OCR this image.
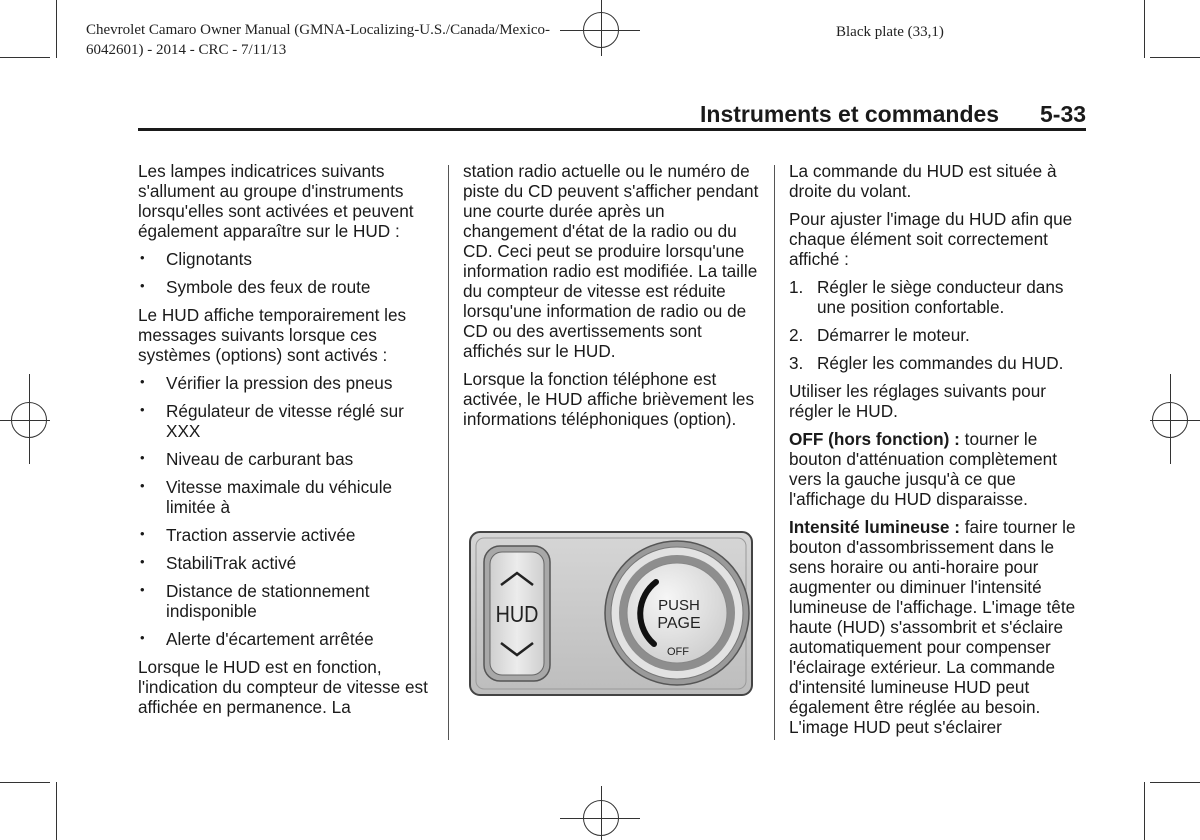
Chevrolet Camaro Owner Manual (GMNA-Localizing-U.S./Canada/Mexico-
6042601) - 2014 - CRC - 7/11/13
Black plate (33,1)
Instruments et commandes 5-33

Les lampes indicatrices suivants s'allument au groupe d'instruments lorsqu'elles sont activées et peuvent également apparaître sur le HUD :

• Clignotants
• Symbole des feux de route

Le HUD affiche temporairement les messages suivants lorsque ces systèmes (options) sont activés :

• Vérifier la pression des pneus
• Régulateur de vitesse réglé sur XXX
• Niveau de carburant bas
• Vitesse maximale du véhicule limitée à
• Traction asservie activée
• StabiliTrak activé
• Distance de stationnement indisponible
• Alerte d'écartement arrêtée

Lorsque le HUD est en fonction, l'indication du compteur de vitesse est affichée en permanence. La

station radio actuelle ou le numéro de piste du CD peuvent s'afficher pendant une courte durée après un changement d'état de la radio ou du CD. Ceci peut se produire lorsqu'une information radio est modifiée. La taille du compteur de vitesse est réduite lorsqu'une information de radio ou de CD ou des avertissements sont affichés sur le HUD.

Lorsque la fonction téléphone est activée, le HUD affiche brièvement les informations téléphoniques (option).

HUD	PUSH
PAGE
OFF

La commande du HUD est située à droite du volant.

Pour ajuster l'image du HUD afin que chaque élément soit correctement affiché :

1. Régler le siège conducteur dans une position confortable.
2. Démarrer le moteur.
3. Régler les commandes du HUD.

Utiliser les réglages suivants pour régler le HUD.

OFF (hors fonction) : tourner le bouton d'atténuation complètement vers la gauche jusqu'à ce que l'affichage du HUD disparaisse.

Intensité lumineuse : faire tourner le bouton d'assombrissement dans le sens horaire ou anti-horaire pour augmenter ou diminuer l'intensité lumineuse de l'affichage. L'image tête haute (HUD) s'assombrit et s'éclaire automatiquement pour compenser l'éclairage extérieur. La commande d'intensité lumineuse HUD peut également être réglée au besoin. L'image HUD peut s'éclairer
